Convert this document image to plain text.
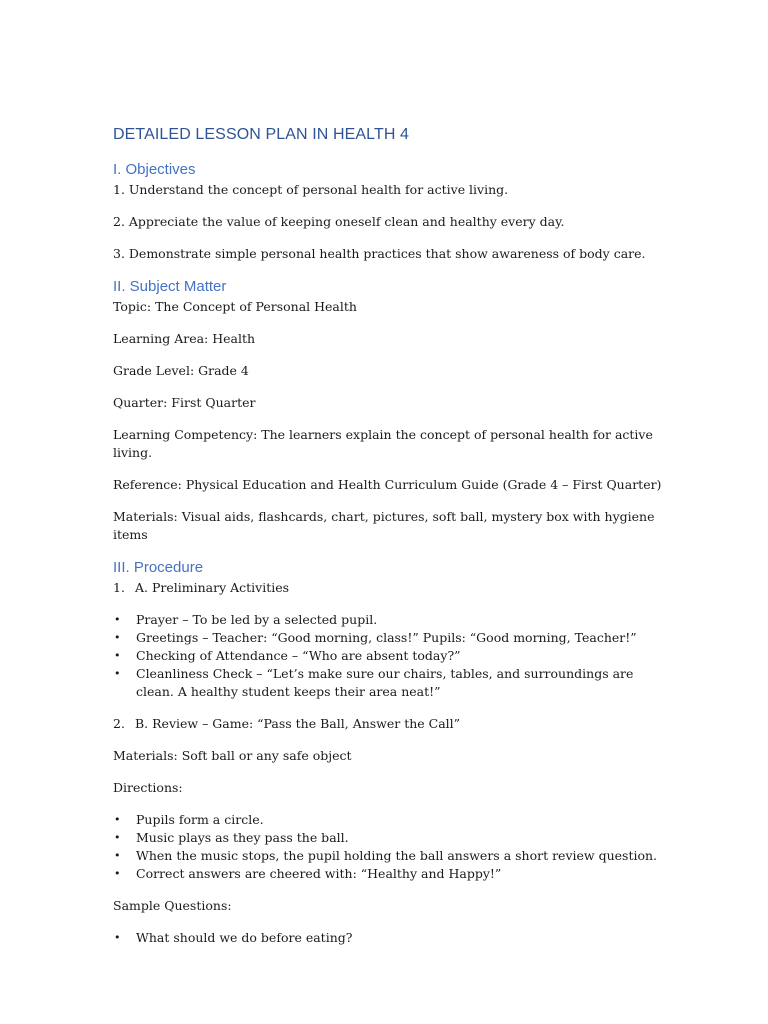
DETAILED LESSON PLAN IN HEALTH 4
I. Objectives

1. Understand the concept of personal health for active living.

2. Appreciate the value of keeping oneself clean and healthy every day.

3. Demonstrate simple personal health practices that show awareness of body care.

II. Subject Matter

Topic: The Concept of Personal Health

Learning Area: Health

Grade Level: Grade 4

Quarter: First Quarter

Learning Competency: The learners explain the concept of personal health for active living.

Reference: Physical Education and Health Curriculum Guide (Grade 4 – First Quarter)

Materials: Visual aids, flashcards, chart, pictures, soft ball, mystery box with hygiene items

III. Procedure
1. A. Preliminary Activities
•	Prayer – To be led by a selected pupil.
•	Greetings – Teacher: “Good morning, class!” Pupils: “Good morning, Teacher!”
•	Checking of Attendance – “Who are absent today?”
•	Cleanliness Check – “Let’s make sure our chairs, tables, and surroundings are clean. A healthy student keeps their area neat!”
2. B. Review – Game: “Pass the Ball, Answer the Call”

Materials: Soft ball or any safe object

Directions:

•	Pupils form a circle.
•	Music plays as they pass the ball.
•	When the music stops, the pupil holding the ball answers a short review question.
•	Correct answers are cheered with: “Healthy and Happy!”

Sample Questions:

•	What should we do before eating?
